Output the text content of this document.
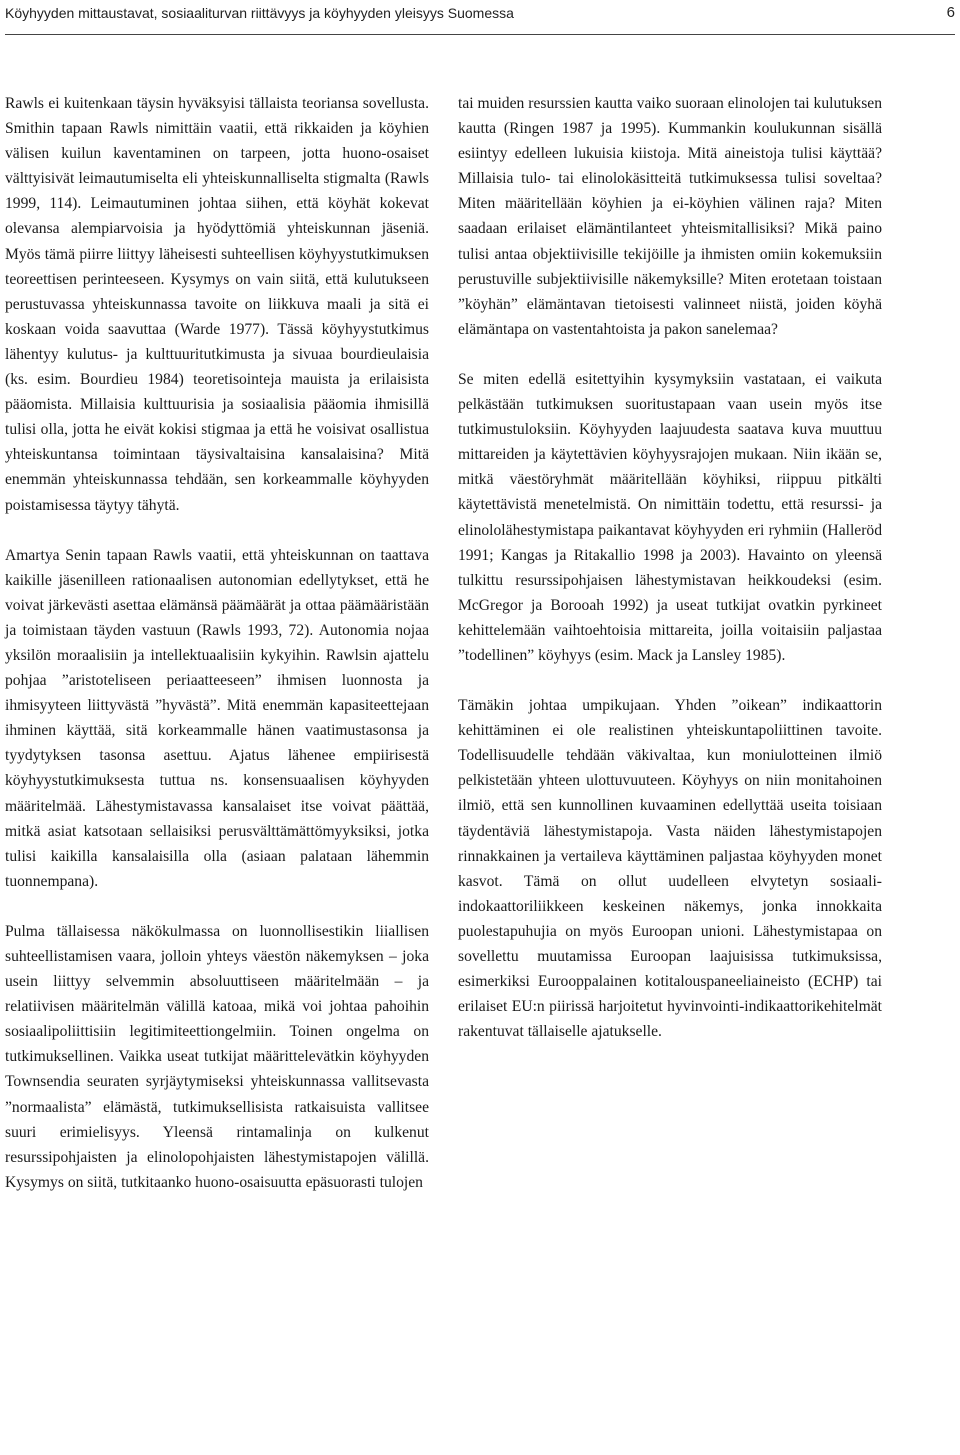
Köyhyyden mittaustavat, sosiaaliturvan riittävyys ja köyhyyden yleisyys Suomessa	6

Rawls ei kuitenkaan täysin hyväksyisi tällaista teoriansa sovellusta. Smithin tapaan Rawls nimittäin vaatii, että rikkaiden ja köyhien välisen kuilun kaventaminen on tarpeen, jotta huono-osaiset välttyisivät leimautumiselta eli yhteiskunnalliselta stigmalta (Rawls 1999, 114). Leimautuminen johtaa siihen, että köyhät kokevat olevansa alempiarvoisia ja hyödyttömiä yhteiskunnan jäseniä. Myös tämä piirre liittyy läheisesti suhteellisen köyhyystutkimuksen teoreettisen perinteeseen. Kysymys on vain siitä, että kulutukseen perustuvassa yhteiskunnassa tavoite on liikkuva maali ja sitä ei koskaan voida saavuttaa (Warde 1977). Tässä köyhyystutkimus lähentyy kulutus- ja kulttuuritutkimusta ja sivuaa bourdieulaisia (ks. esim. Bourdieu 1984) teoretisointeja mauista ja erilaisista pääomista. Millaisia kulttuurisia ja sosiaalisia pääomia ihmisillä tulisi olla, jotta he eivät kokisi stigmaa ja että he voisivat osallistua yhteiskuntansa toimintaan täysivaltaisina kansalaisina? Mitä enemmän yhteiskunnassa tehdään, sen korkeammalle köyhyyden poistamisessa täytyy tähytä.

Amartya Senin tapaan Rawls vaatii, että yhteiskunnan on taattava kaikille jäsenilleen rationaalisen autonomian edellytykset, että he voivat järkevästi asettaa elämänsä päämäärät ja ottaa päämääristään ja toimistaan täyden vastuun (Rawls 1993, 72). Autonomia nojaa yksilön moraalisiin ja intellektuaalisiin kykyihin. Rawlsin ajattelu pohjaa ”aristoteliseen periaatteeseen” ihmisen luonnosta ja ihmisyyteen liittyvästä ”hyvästä”. Mitä enemmän kapasiteettejaan ihminen käyttää, sitä korkeammalle hänen vaatimustasonsa ja tyydytyksen tasonsa asettuu. Ajatus lähenee empiirisestä köyhyystutkimuksesta tuttua ns. konsensuaalisen köyhyyden määritelmää. Lähestymistavassa kansalaiset itse voivat päättää, mitkä asiat katsotaan sellaisiksi perusvälttämättömyyksiksi, jotka tulisi kaikilla kansalaisilla olla (asiaan palataan lähemmin tuonnempana).

Pulma tällaisessa näkökulmassa on luonnollisestikin liiallisen suhteellistamisen vaara, jolloin yhteys väestön näkemyksen – joka usein liittyy selvemmin absoluuttiseen määritelmään – ja relatiivisen määritelmän välillä katoaa, mikä voi johtaa pahoihin sosiaalipoliittisiin legitimiteettiongelmiin. Toinen ongelma on tutkimuksellinen. Vaikka useat tutkijat määrittelevätkin köyhyyden Townsendia seuraten syrjäytymiseksi yhteiskunnassa vallitsevasta ”normaalista” elämästä, tutkimuksellisista ratkaisuista vallitsee suuri erimielisyys. Yleensä rintamalinja on kulkenut resurssipohjaisten ja elinolopohjaisten lähestymistapojen välillä. Kysymys on siitä, tutkitaanko huono-osaisuutta epäsuorasti tulojen

tai muiden resurssien kautta vaiko suoraan elinolojen tai kulutuksen kautta (Ringen 1987 ja 1995). Kummankin koulukunnan sisällä esiintyy edelleen lukuisia kiistoja. Mitä aineistoja tulisi käyttää? Millaisia tulo- tai elinolokäsitteitä tutkimuksessa tulisi soveltaa? Miten määritellään köyhien ja ei-köyhien välinen raja? Miten saadaan erilaiset elämäntilanteet yhteismitallisiksi? Mikä paino tulisi antaa objektiivisille tekijöille ja ihmisten omiin kokemuksiin perustuville subjektiivisille näkemyksille? Miten erotetaan toistaan ”köyhän” elämäntavan tietoisesti valinneet niistä, joiden köyhä elämäntapa on vastentahtoista ja pakon sanelemaa?

Se miten edellä esitettyihin kysymyksiin vastataan, ei vaikuta pelkästään tutkimuksen suoritustapaan vaan usein myös itse tutkimustuloksiin. Köyhyyden laajuudesta saatava kuva muuttuu mittareiden ja käytettävien köyhyysrajojen mukaan. Niin ikään se, mitkä väestöryhmät määritellään köyhiksi, riippuu pitkälti käytettävistä menetelmistä. On nimittäin todettu, että resurssi- ja elinololähestymistapa paikantavat köyhyyden eri ryhmiin (Halleröd 1991; Kangas ja Ritakallio 1998 ja 2003). Havainto on yleensä tulkittu resurssipohjaisen lähestymistavan heikkoudeksi (esim. McGregor ja Borooah 1992) ja useat tutkijat ovatkin pyrkineet kehittelemään vaihtoehtoisia mittareita, joilla voitaisiin paljastaa ”todellinen” köyhyys (esim. Mack ja Lansley 1985).

Tämäkin johtaa umpikujaan. Yhden ”oikean” indikaattorin kehittäminen ei ole realistinen yhteiskuntapoliittinen tavoite. Todellisuudelle tehdään väkivaltaa, kun moniulotteinen ilmiö pelkistetään yhteen ulottuvuuteen. Köyhyys on niin monitahoinen ilmiö, että sen kunnollinen kuvaaminen edellyttää useita toisiaan täydentäviä lähestymistapoja. Vasta näiden lähestymistapojen rinnakkainen ja vertaileva käyttäminen paljastaa köyhyyden monet kasvot. Tämä on ollut uudelleen elvytetyn sosiaali-indokaattoriliikkeen keskeinen näkemys, jonka innokkaita puolestapuhujia on myös Euroopan unioni. Lähestymistapaa on sovellettu muutamissa Euroopan laajuisissa tutkimuksissa, esimerkiksi Eurooppalainen kotitalouspaneeliaineisto (ECHP) tai erilaiset EU:n piirissä harjoitetut hyvinvointi-indikaattorikehitelmät rakentuvat tällaiselle ajatukselle.
